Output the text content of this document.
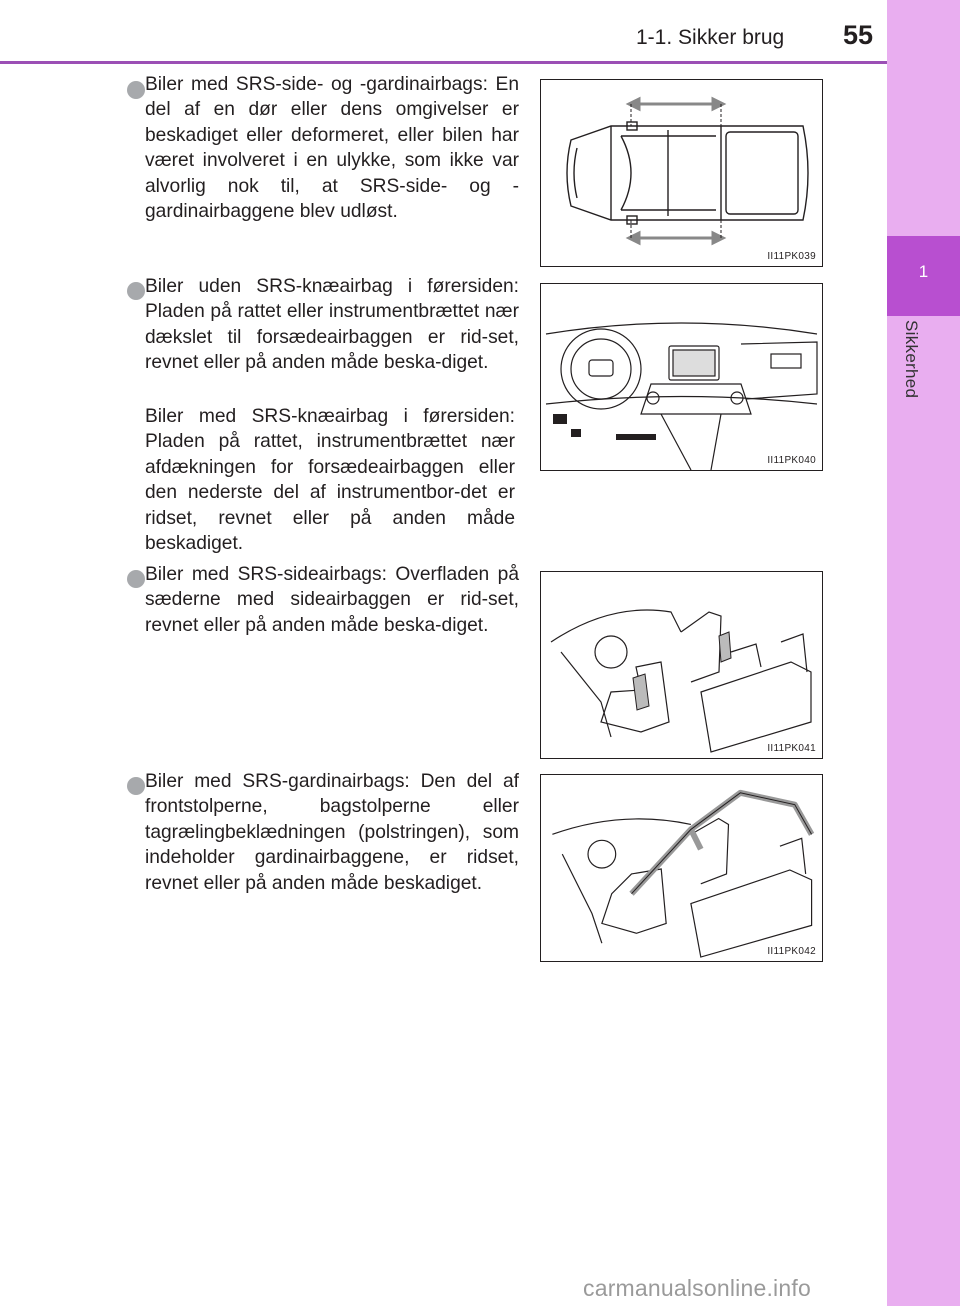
1
Sikkerhed
1-1. Sikker brug 55
Biler med SRS-side- og -gardinairbags: En del af en dør eller dens omgivelser er beskadiget eller deformeret, eller bilen har været involveret i en ulykke, som ikke var alvorlig nok til, at SRS-side- og -gardinairbaggene blev udløst.
II11PK039
Biler uden SRS-knæairbag i førersiden: Pladen på rattet eller instrumentbrættet nær dækslet til forsædeairbaggen er rid-set, revnet eller på anden måde beska-diget.
Biler med SRS-knæairbag i førersiden: Pladen på rattet, instrumentbrættet nær afdækningen for forsædeairbaggen eller den nederste del af instrumentbor-det er ridset, revnet eller på anden måde beskadiget.
II11PK040
Biler med SRS-sideairbags: Overfladen på sæderne med sideairbaggen er rid-set, revnet eller på anden måde beska-diget.
II11PK041
Biler med SRS-gardinairbags: Den del af frontstolperne, bagstolperne eller tagrælingbeklædningen (polstringen), som indeholder gardinairbaggene, er ridset, revnet eller på anden måde beskadiget.
II11PK042
carmanualsonline.info
